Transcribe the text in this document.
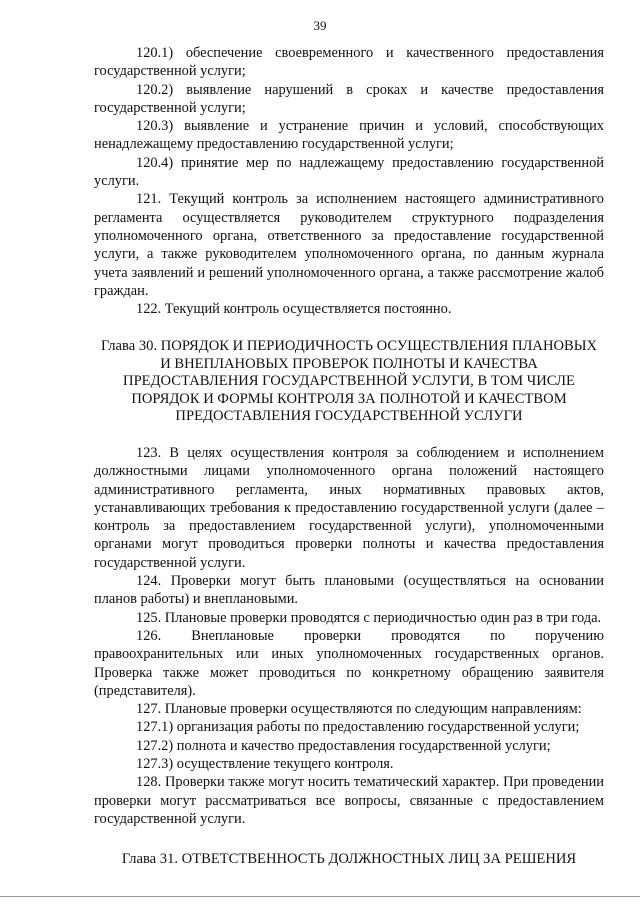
39

120.1) обеспечение своевременного и качественного предоставления государственной услуги;

120.2) выявление нарушений в сроках и качестве предоставления государственной услуги;

120.3) выявление и устранение причин и условий, способствующих ненадлежащему предоставлению государственной услуги;

120.4) принятие мер по надлежащему предоставлению государственной услуги.

121. Текущий контроль за исполнением настоящего административного регламента осуществляется руководителем структурного подразделения уполномоченного органа, ответственного за предоставление государственной услуги, а также руководителем уполномоченного органа, по данным журнала учета заявлений и решений уполномоченного органа, а также рассмотрение жалоб граждан.

122. Текущий контроль осуществляется постоянно.

Глава 30. ПОРЯДОК И ПЕРИОДИЧНОСТЬ ОСУЩЕСТВЛЕНИЯ ПЛАНОВЫХ И ВНЕПЛАНОВЫХ ПРОВЕРОК ПОЛНОТЫ И КАЧЕСТВА ПРЕДОСТАВЛЕНИЯ ГОСУДАРСТВЕННОЙ УСЛУГИ, В ТОМ ЧИСЛЕ ПОРЯДОК И ФОРМЫ КОНТРОЛЯ ЗА ПОЛНОТОЙ И КАЧЕСТВОМ ПРЕДОСТАВЛЕНИЯ ГОСУДАРСТВЕННОЙ УСЛУГИ

123. В целях осуществления контроля за соблюдением и исполнением должностными лицами уполномоченного органа положений настоящего административного регламента, иных нормативных правовых актов, устанавливающих требования к предоставлению государственной услуги (далее – контроль за предоставлением государственной услуги), уполномоченными органами могут проводиться проверки полноты и качества предоставления государственной услуги.

124. Проверки могут быть плановыми (осуществляться на основании планов работы) и внеплановыми.

125. Плановые проверки проводятся с периодичностью один раз в три года.

126. Внеплановые проверки проводятся по поручению правоохранительных или иных уполномоченных государственных органов. Проверка также может проводиться по конкретному обращению заявителя (представителя).

127. Плановые проверки осуществляются по следующим направлениям:

127.1) организация работы по предоставлению государственной услуги;

127.2) полнота и качество предоставления государственной услуги;

127.3) осуществление текущего контроля.

128. Проверки также могут носить тематический характер. При проведении проверки могут рассматриваться все вопросы, связанные с предоставлением государственной услуги.

Глава 31. ОТВЕТСТВЕННОСТЬ ДОЛЖНОСТНЫХ ЛИЦ ЗА РЕШЕНИЯ
